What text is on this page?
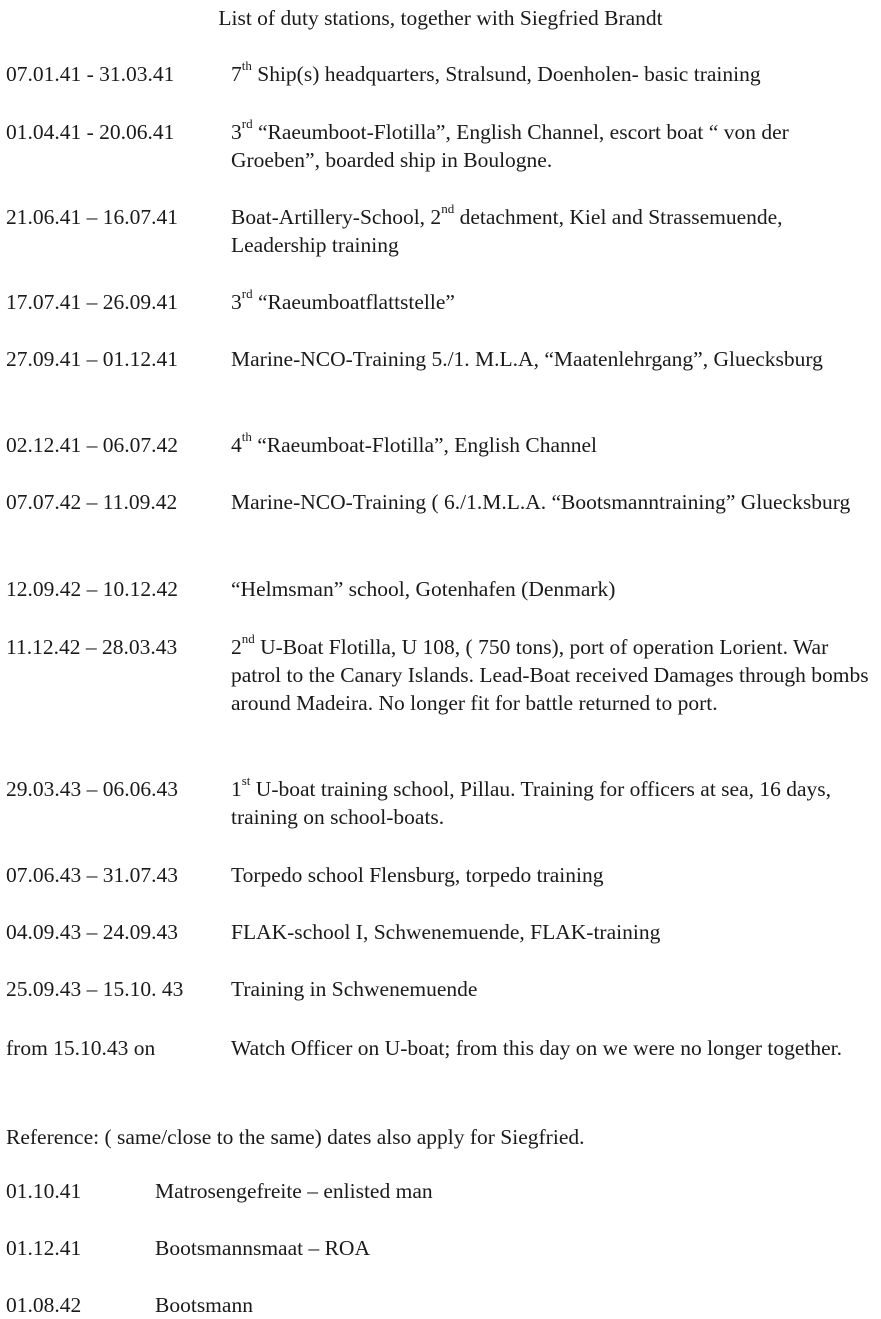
List of duty stations, together with Siegfried Brandt
07.01.41 - 31.03.41	7th Ship(s) headquarters, Stralsund, Doenholen- basic training
01.04.41 - 20.06.41	3rd “Raeumboot-Flotilla”, English Channel, escort boat “ von der Groeben”, boarded ship in Boulogne.
21.06.41 – 16.07.41 Boat-Artillery-School, 2nd detachment, Kiel and Strassemuende, Leadership training
17.07.41 – 26.09.41 3rd “Raeumboatflattstelle”
27.09.41 – 01.12.41 Marine-NCO-Training 5./1. M.L.A, “Maatenlehrgang”, Gluecksburg
02.12.41 – 06.07.42 4th “Raeumboat-Flotilla”, English Channel
07.07.42 – 11.09.42	Marine-NCO-Training ( 6./1.M.L.A. “Bootsmanntraining” Gluecksburg
12.09.42 – 10.12.42 “Helmsman” school, Gotenhafen (Denmark)
11.12.42 – 28.03.43	2nd U-Boat Flotilla, U 108, ( 750 tons), port of operation Lorient. War patrol to the Canary Islands. Lead-Boat received Damages through bombs around Madeira. No longer fit for battle returned to port.
29.03.43 – 06.06.43 1st U-boat training school, Pillau. Training for officers at sea, 16 days, training on school-boats.
07.06.43 – 31.07.43 Torpedo school Flensburg, torpedo training
04.09.43 – 24.09.43 FLAK-school I, Schwenemuende, FLAK-training
25.09.43 – 15.10. 43 Training in Schwenemuende
from 15.10.43 on	Watch Officer on U-boat; from this day on we were no longer together.
Reference: ( same/close to the same) dates also apply for Siegfried.
01.10.41	Matrosengefreite – enlisted man
01.12.41	Bootsmannsmaat – ROA
01.08.42	Bootsmann
